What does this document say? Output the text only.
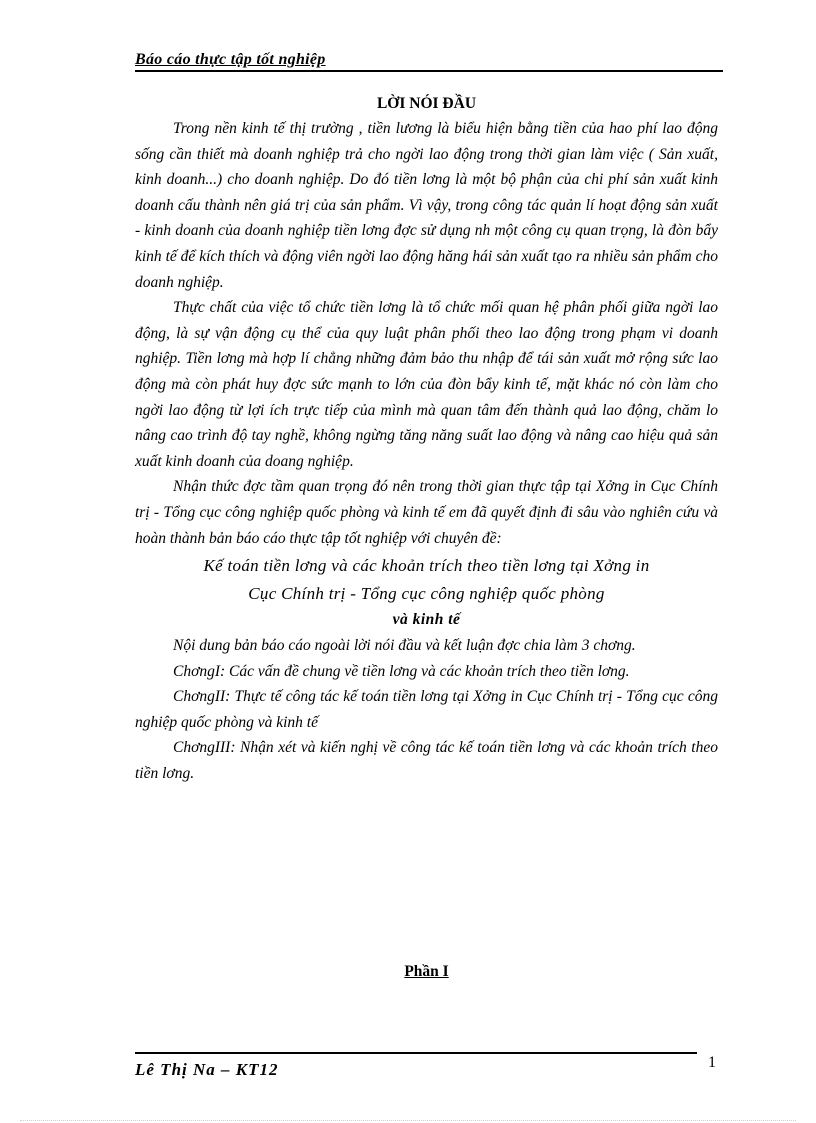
Báo cáo thực tập tốt nghiệp
LỜI NÓI ĐẦU

Trong nền kinh tế thị trường , tiền lương là biểu hiện bằng tiền của hao phí lao động sống cần thiết mà doanh nghiệp trả cho ngời lao động trong thời gian làm việc ( Sản xuất, kinh doanh...) cho doanh nghiệp. Do đó tiền lơng là một bộ phận của chi phí sản xuất kinh doanh cấu thành nên giá trị của sản phẩm. Vì vậy, trong công tác quản lí hoạt động sản xuất - kinh doanh của doanh nghiệp tiền lơng đợc sử dụng nh một công cụ quan trọng, là đòn bẩy kinh tế để kích thích và động viên ngời lao động hăng hái sản xuất tạo ra nhiều sản phẩm cho doanh nghiệp.

Thực chất của việc tổ chức tiền lơng là tổ chức mối quan hệ phân phối giữa ngời lao động, là sự vận động cụ thể của quy luật phân phối theo lao động trong phạm vi doanh nghiệp. Tiền lơng mà hợp lí chẳng những đảm bảo thu nhập để tái sản xuất mở rộng sức lao động mà còn phát huy đợc sức mạnh to lớn của đòn bẩy kinh tế, mặt khác nó còn làm cho ngời lao động từ lợi ích trực tiếp của mình mà quan tâm đến thành quả lao động, chăm lo nâng cao trình độ tay nghề, không ngừng tăng năng suất lao động và nâng cao hiệu quả sản xuất kinh doanh của doang nghiệp.

Nhận thức đợc tầm quan trọng đó nên trong thời gian thực tập tại Xởng in Cục Chính trị - Tổng cục công nghiệp quốc phòng và kinh tế em đã quyết định đi sâu vào nghiên cứu và hoàn thành bản báo cáo thực tập tốt nghiệp với chuyên đề:

Kế toán tiền lơng và các khoản trích theo tiền lơng tại Xởng in
Cục Chính trị - Tổng cục công nghiệp quốc phòng
và kinh tế

Nội dung bản báo cáo ngoài lời nói đầu và kết luận đợc chia làm 3 chơng.

ChơngI: Các vấn đề chung về tiền lơng và các khoản trích theo tiền lơng.

ChơngII: Thực tế công tác kế toán tiền lơng tại Xởng in Cục Chính trị - Tổng cục công nghiệp quốc phòng và kinh tế

ChơngIII: Nhận xét và kiến nghị về công tác kế toán tiền lơng và các khoản trích theo tiền lơng.

Phần I
Lê Thị Na – KT12	1
